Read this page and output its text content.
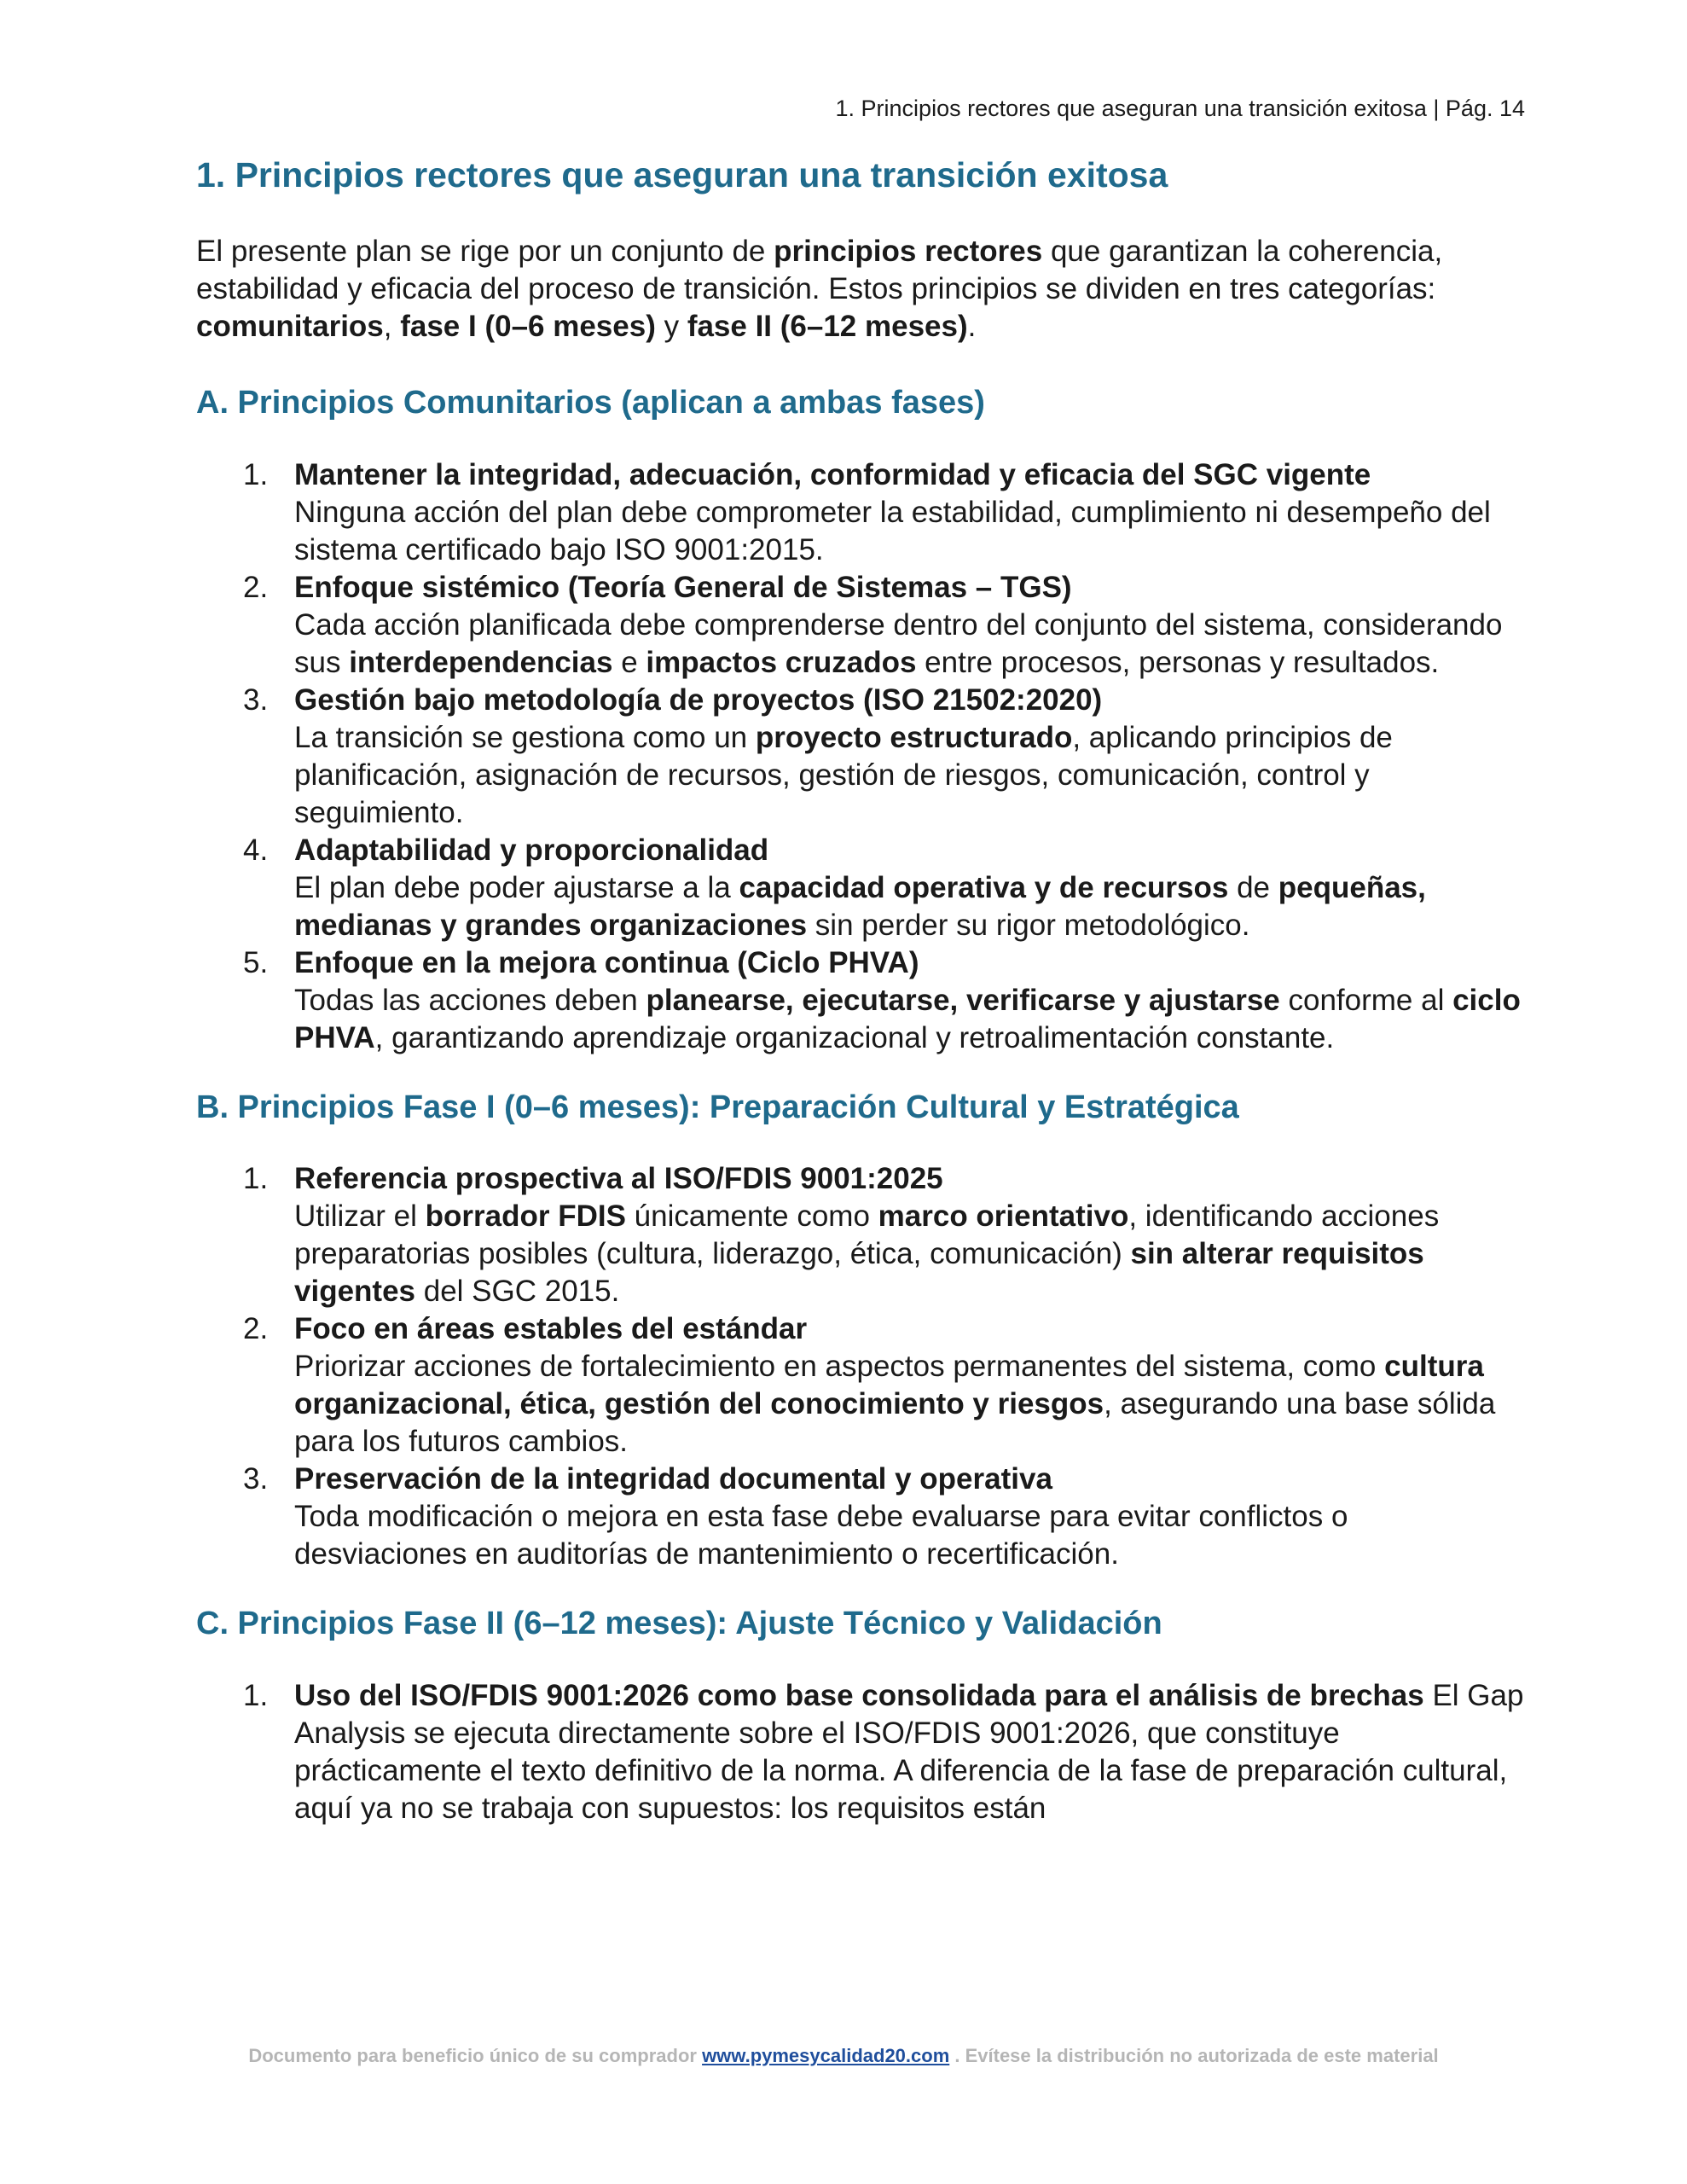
1. Principios rectores que aseguran una transición exitosa | Pág. 14
1. Principios rectores que aseguran una transición exitosa

El presente plan se rige por un conjunto de principios rectores que garantizan la coherencia, estabilidad y eficacia del proceso de transición. Estos principios se dividen en tres categorías: comunitarios, fase I (0–6 meses) y fase II (6–12 meses).

A. Principios Comunitarios (aplican a ambas fases)
1. Mantener la integridad, adecuación, conformidad y eficacia del SGC vigente
Ninguna acción del plan debe comprometer la estabilidad, cumplimiento ni desempeño del sistema certificado bajo ISO 9001:2015.
2. Enfoque sistémico (Teoría General de Sistemas – TGS)
Cada acción planificada debe comprenderse dentro del conjunto del sistema, considerando sus interdependencias e impactos cruzados entre procesos, personas y resultados.
3. Gestión bajo metodología de proyectos (ISO 21502:2020)
La transición se gestiona como un proyecto estructurado, aplicando principios de planificación, asignación de recursos, gestión de riesgos, comunicación, control y seguimiento.
4. Adaptabilidad y proporcionalidad
El plan debe poder ajustarse a la capacidad operativa y de recursos de pequeñas, medianas y grandes organizaciones sin perder su rigor metodológico.
5. Enfoque en la mejora continua (Ciclo PHVA)
Todas las acciones deben planearse, ejecutarse, verificarse y ajustarse conforme al ciclo PHVA, garantizando aprendizaje organizacional y retroalimentación constante.
B. Principios Fase I (0–6 meses): Preparación Cultural y Estratégica
1. Referencia prospectiva al ISO/FDIS 9001:2025
Utilizar el borrador FDIS únicamente como marco orientativo, identificando acciones preparatorias posibles (cultura, liderazgo, ética, comunicación) sin alterar requisitos vigentes del SGC 2015.
2. Foco en áreas estables del estándar
Priorizar acciones de fortalecimiento en aspectos permanentes del sistema, como cultura organizacional, ética, gestión del conocimiento y riesgos, asegurando una base sólida para los futuros cambios.
3. Preservación de la integridad documental y operativa
Toda modificación o mejora en esta fase debe evaluarse para evitar conflictos o desviaciones en auditorías de mantenimiento o recertificación.
C. Principios Fase II (6–12 meses): Ajuste Técnico y Validación
1. Uso del ISO/FDIS 9001:2026 como base consolidada para el análisis de brechas El Gap Analysis se ejecuta directamente sobre el ISO/FDIS 9001:2026, que constituye prácticamente el texto definitivo de la norma. A diferencia de la fase de preparación cultural, aquí ya no se trabaja con supuestos: los requisitos están
Documento para beneficio único de su comprador www.pymesycalidad20.com . Evítese la distribución no autorizada de este material
